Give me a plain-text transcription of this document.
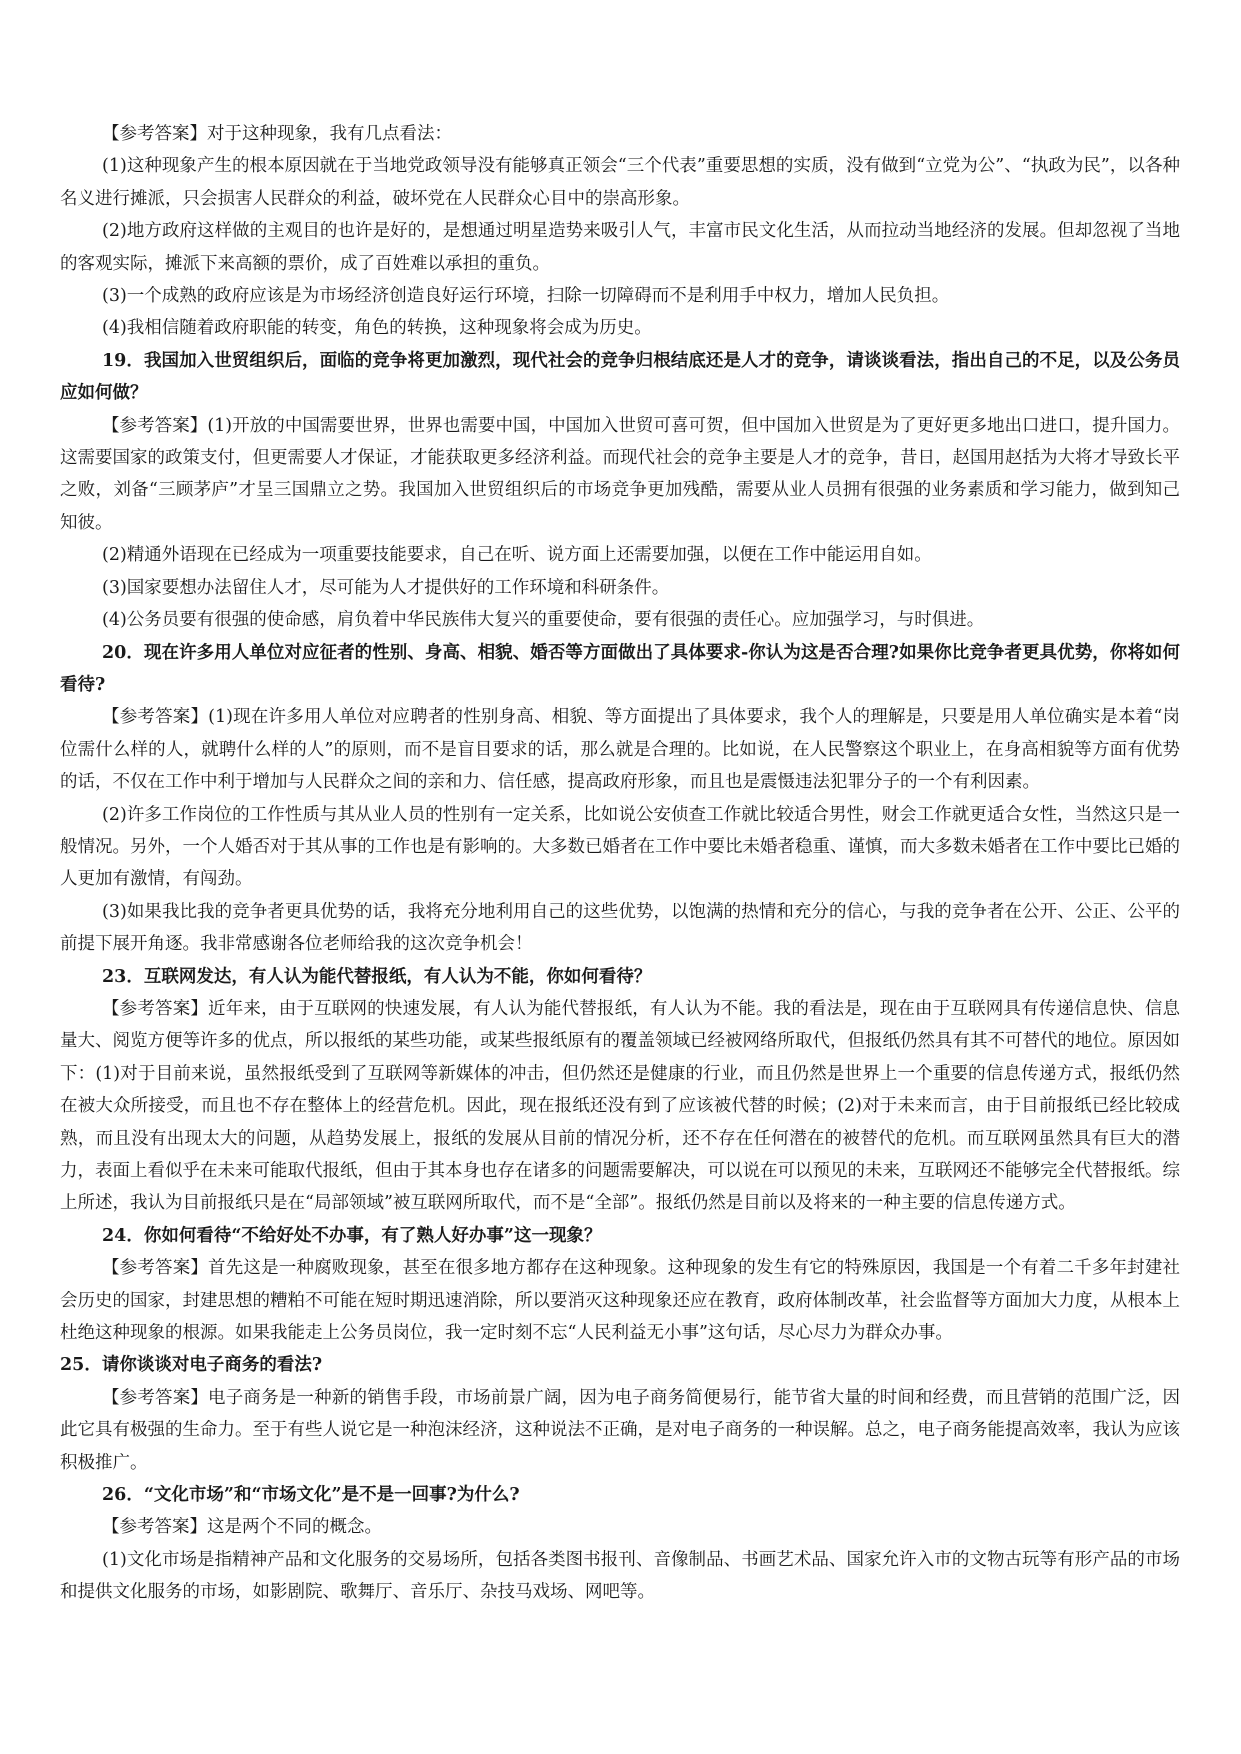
【参考答案】对于这种现象，我有几点看法：

(1)这种现象产生的根本原因就在于当地党政领导没有能够真正领会“三个代表”重要思想的实质，没有做到“立党为公”、“执政为民”，以各种名义进行摊派，只会损害人民群众的利益，破坏党在人民群众心目中的崇高形象。

(2)地方政府这样做的主观目的也许是好的，是想通过明星造势来吸引人气，丰富市民文化生活，从而拉动当地经济的发展。但却忽视了当地的客观实际，摊派下来高额的票价，成了百姓难以承担的重负。

(3)一个成熟的政府应该是为市场经济创造良好运行环境，扫除一切障碍而不是利用手中权力，增加人民负担。

(4)我相信随着政府职能的转变，角色的转换，这种现象将会成为历史。

19．我国加入世贸组织后，面临的竞争将更加激烈，现代社会的竞争归根结底还是人才的竞争，请谈谈看法，指出自己的不足，以及公务员应如何做？

【参考答案】(1)开放的中国需要世界，世界也需要中国，中国加入世贸可喜可贺，但中国加入世贸是为了更好更多地出口进口，提升国力。这需要国家的政策支付，但更需要人才保证，才能获取更多经济利益。而现代社会的竞争主要是人才的竞争，昔日，赵国用赵括为大将才导致长平之败，刘备“三顾茅庐”才呈三国鼎立之势。我国加入世贸组织后的市场竞争更加残酷，需要从业人员拥有很强的业务素质和学习能力，做到知己知彼。

(2)精通外语现在已经成为一项重要技能要求，自己在听、说方面上还需要加强，以便在工作中能运用自如。

(3)国家要想办法留住人才，尽可能为人才提供好的工作环境和科研条件。

(4)公务员要有很强的使命感，肩负着中华民族伟大复兴的重要使命，要有很强的责任心。应加强学习，与时俱进。

20．现在许多用人单位对应征者的性别、身高、相貌、婚否等方面做出了具体要求-你认为这是否合理?如果你比竞争者更具优势，你将如何看待?

【参考答案】(1)现在许多用人单位对应聘者的性别身高、相貌、等方面提出了具体要求，我个人的理解是，只要是用人单位确实是本着“岗位需什么样的人，就聘什么样的人”的原则，而不是盲目要求的话，那么就是合理的。比如说，在人民警察这个职业上，在身高相貌等方面有优势的话，不仅在工作中利于增加与人民群众之间的亲和力、信任感，提高政府形象，而且也是震慑违法犯罪分子的一个有利因素。

(2)许多工作岗位的工作性质与其从业人员的性别有一定关系，比如说公安侦查工作就比较适合男性，财会工作就更适合女性，当然这只是一般情况。另外，一个人婚否对于其从事的工作也是有影响的。大多数已婚者在工作中要比未婚者稳重、谨慎，而大多数未婚者在工作中要比已婚的人更加有激情，有闯劲。

(3)如果我比我的竞争者更具优势的话，我将充分地利用自己的这些优势，以饱满的热情和充分的信心，与我的竞争者在公开、公正、公平的前提下展开角逐。我非常感谢各位老师给我的这次竞争机会！

23．互联网发达，有人认为能代替报纸，有人认为不能，你如何看待？

【参考答案】近年来，由于互联网的快速发展，有人认为能代替报纸，有人认为不能。我的看法是，现在由于互联网具有传递信息快、信息量大、阅览方便等许多的优点，所以报纸的某些功能，或某些报纸原有的覆盖领域已经被网络所取代，但报纸仍然具有其不可替代的地位。原因如下：(1)对于目前来说，虽然报纸受到了互联网等新媒体的冲击，但仍然还是健康的行业，而且仍然是世界上一个重要的信息传递方式，报纸仍然在被大众所接受，而且也不存在整体上的经营危机。因此，现在报纸还没有到了应该被代替的时候；(2)对于未来而言，由于目前报纸已经比较成熟，而且没有出现太大的问题，从趋势发展上，报纸的发展从目前的情况分析，还不存在任何潜在的被替代的危机。而互联网虽然具有巨大的潜力，表面上看似乎在未来可能取代报纸，但由于其本身也存在诸多的问题需要解决，可以说在可以预见的未来，互联网还不能够完全代替报纸。综上所述，我认为目前报纸只是在“局部领域”被互联网所取代，而不是“全部”。报纸仍然是目前以及将来的一种主要的信息传递方式。

24．你如何看待“不给好处不办事，有了熟人好办事”这一现象？

【参考答案】首先这是一种腐败现象，甚至在很多地方都存在这种现象。这种现象的发生有它的特殊原因，我国是一个有着二千多年封建社会历史的国家，封建思想的糟粕不可能在短时期迅速消除，所以要消灭这种现象还应在教育，政府体制改革，社会监督等方面加大力度，从根本上杜绝这种现象的根源。如果我能走上公务员岗位，我一定时刻不忘“人民利益无小事”这句话，尽心尽力为群众办事。

25．请你谈谈对电子商务的看法?

【参考答案】电子商务是一种新的销售手段，市场前景广阔，因为电子商务简便易行，能节省大量的时间和经费，而且营销的范围广泛，因此它具有极强的生命力。至于有些人说它是一种泡沫经济，这种说法不正确，是对电子商务的一种误解。总之，电子商务能提高效率，我认为应该积极推广。

26．“文化市场”和“市场文化”是不是一回事?为什么?

【参考答案】这是两个不同的概念。

(1)文化市场是指精神产品和文化服务的交易场所，包括各类图书报刊、音像制品、书画艺术品、国家允许入市的文物古玩等有形产品的市场和提供文化服务的市场，如影剧院、歌舞厅、音乐厅、杂技马戏场、网吧等。
